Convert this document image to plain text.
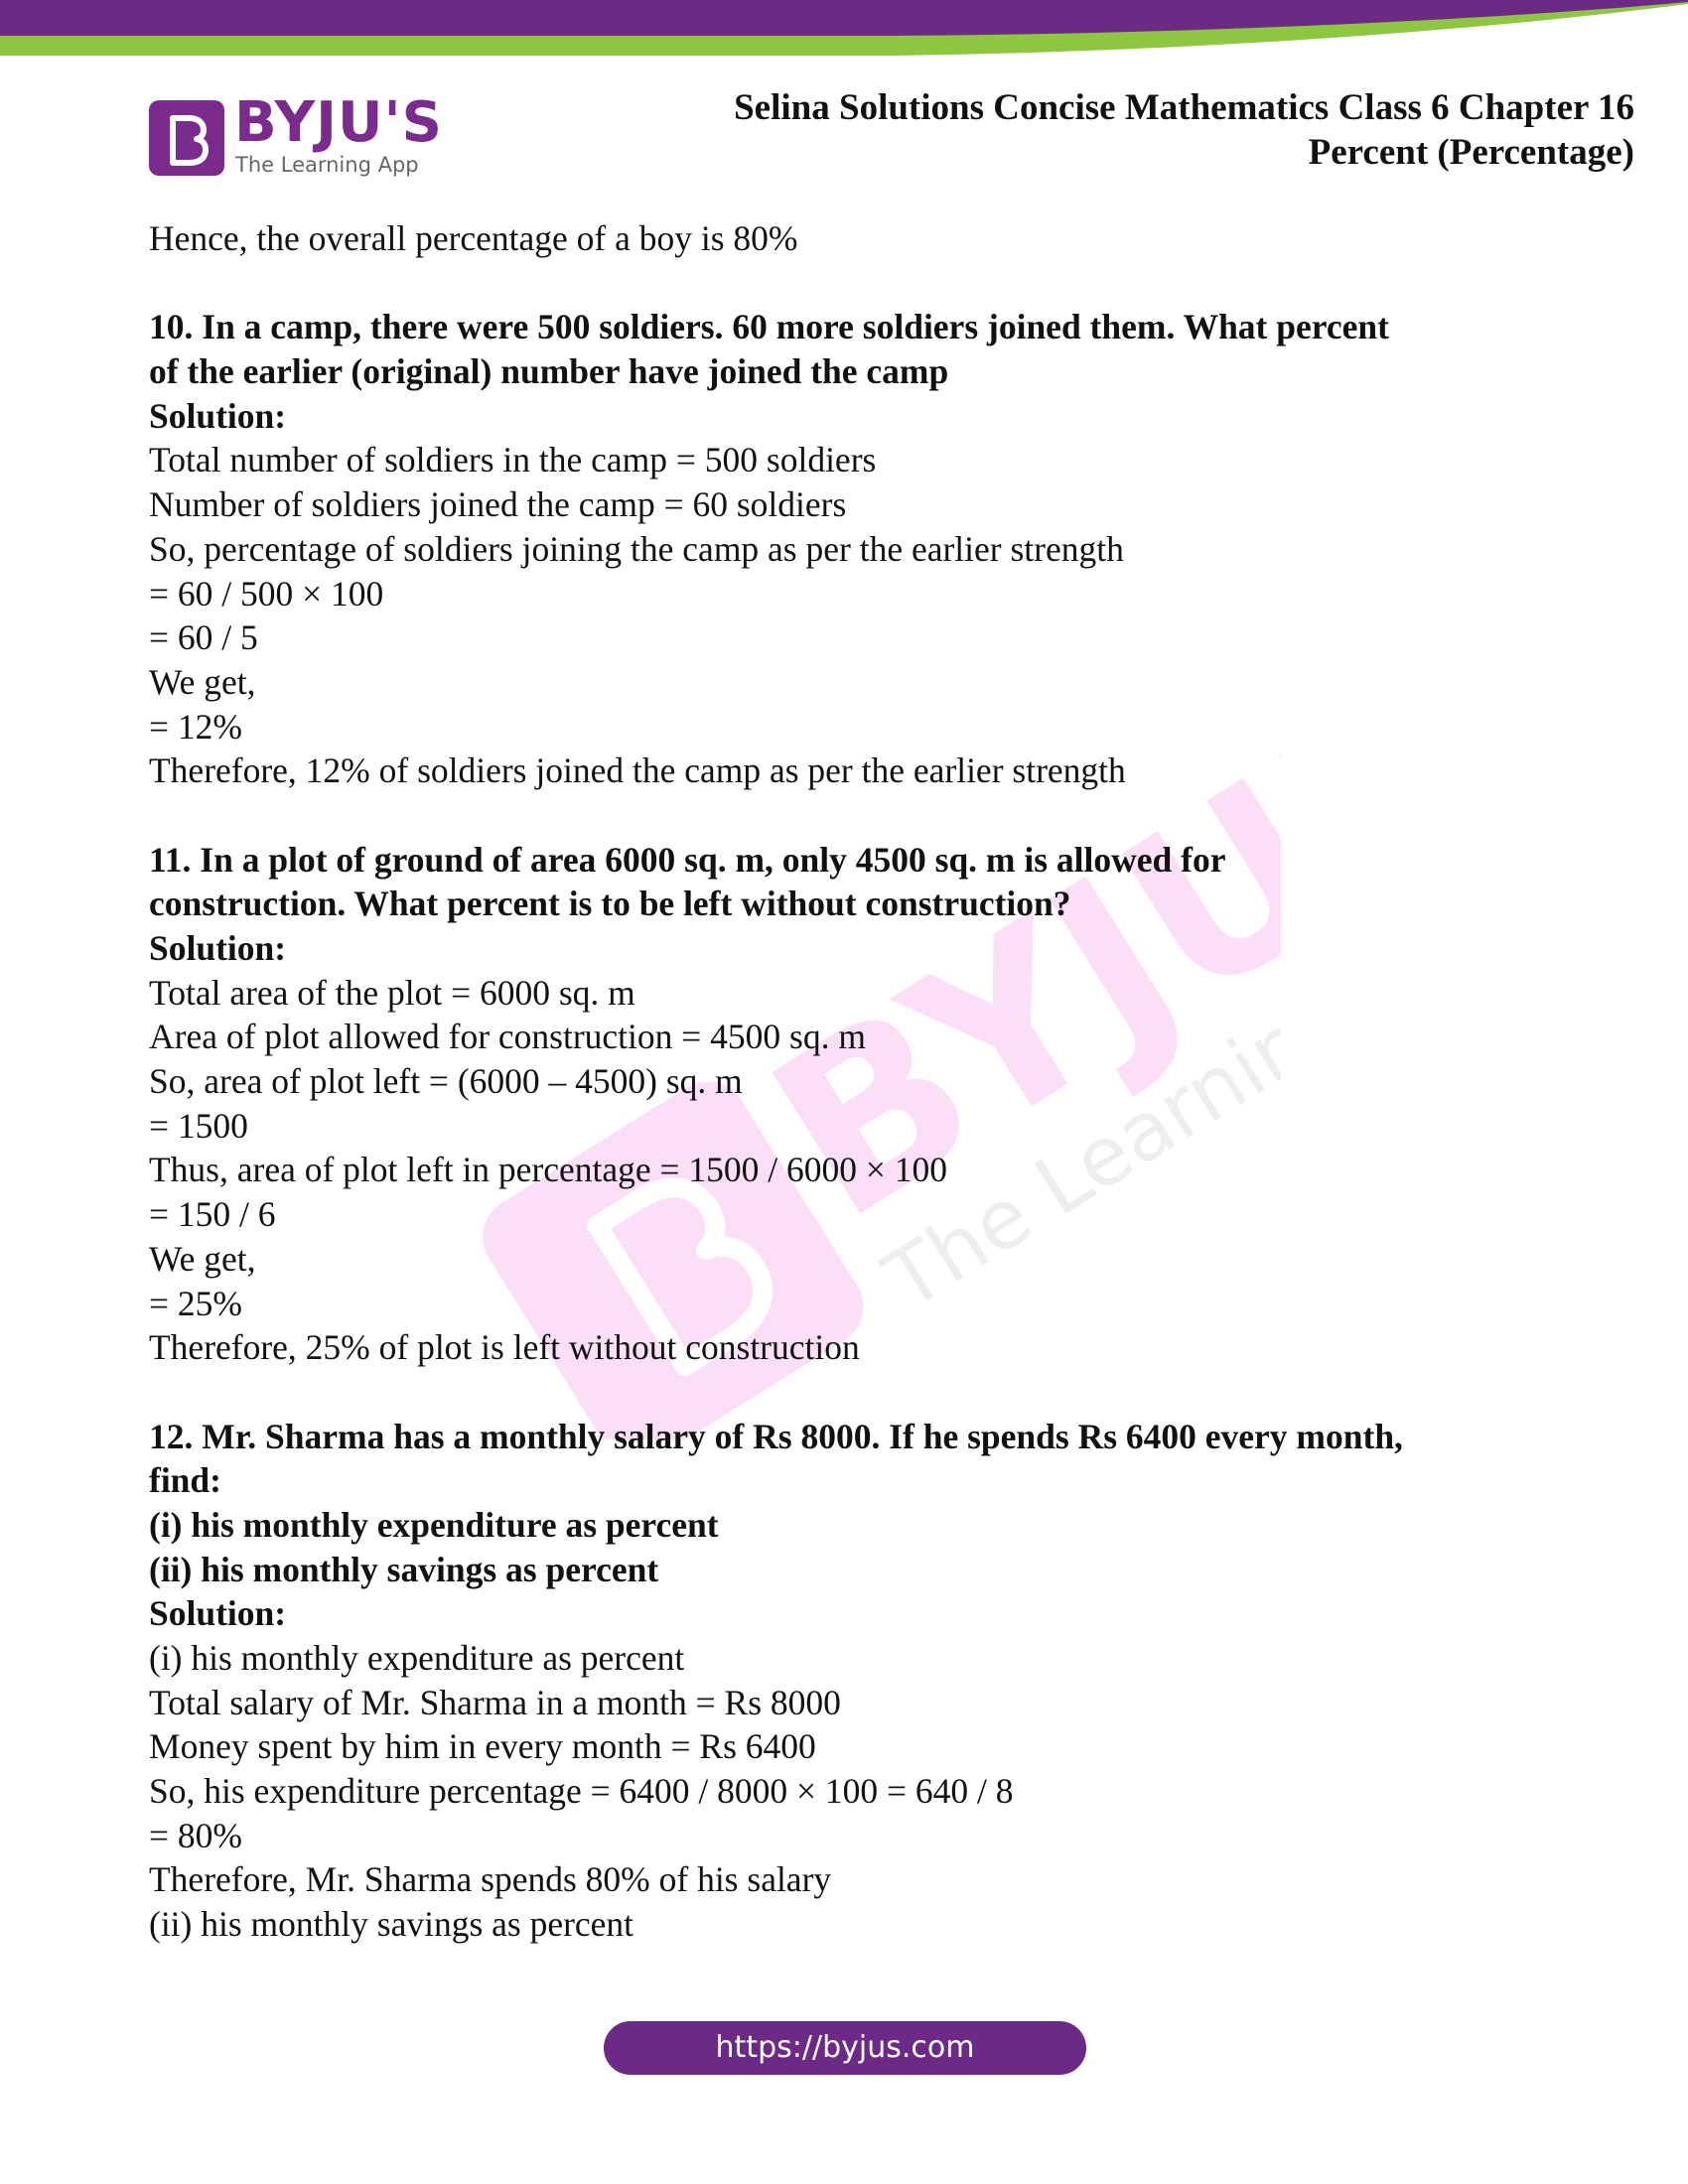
BYJU'S
The Learning App
Selina Solutions Concise Mathematics Class 6 Chapter 16
Percent (Percentage)
BYJU'S
The Learning
Hence, the overall percentage of a boy is 80%
10. In a camp, there were 500 soldiers. 60 more soldiers joined them. What percent
of the earlier (original) number have joined the camp
Solution:
Total number of soldiers in the camp = 500 soldiers
Number of soldiers joined the camp = 60 soldiers
So, percentage of soldiers joining the camp as per the earlier strength
= 60 / 500 × 100
= 60 / 5
We get,
= 12%
Therefore, 12% of soldiers joined the camp as per the earlier strength
11. In a plot of ground of area 6000 sq. m, only 4500 sq. m is allowed for
construction. What percent is to be left without construction?
Solution:
Total area of the plot = 6000 sq. m
Area of plot allowed for construction = 4500 sq. m
So, area of plot left = (6000 – 4500) sq. m
= 1500
Thus, area of plot left in percentage = 1500 / 6000 × 100
= 150 / 6
We get,
= 25%
Therefore, 25% of plot is left without construction
12. Mr. Sharma has a monthly salary of Rs 8000. If he spends Rs 6400 every month,
find:
(i) his monthly expenditure as percent
(ii) his monthly savings as percent
Solution:
(i) his monthly expenditure as percent
Total salary of Mr. Sharma in a month = Rs 8000
Money spent by him in every month = Rs 6400
So, his expenditure percentage = 6400 / 8000 × 100 = 640 / 8
= 80%
Therefore, Mr. Sharma spends 80% of his salary
(ii) his monthly savings as percent
https://byjus.com
